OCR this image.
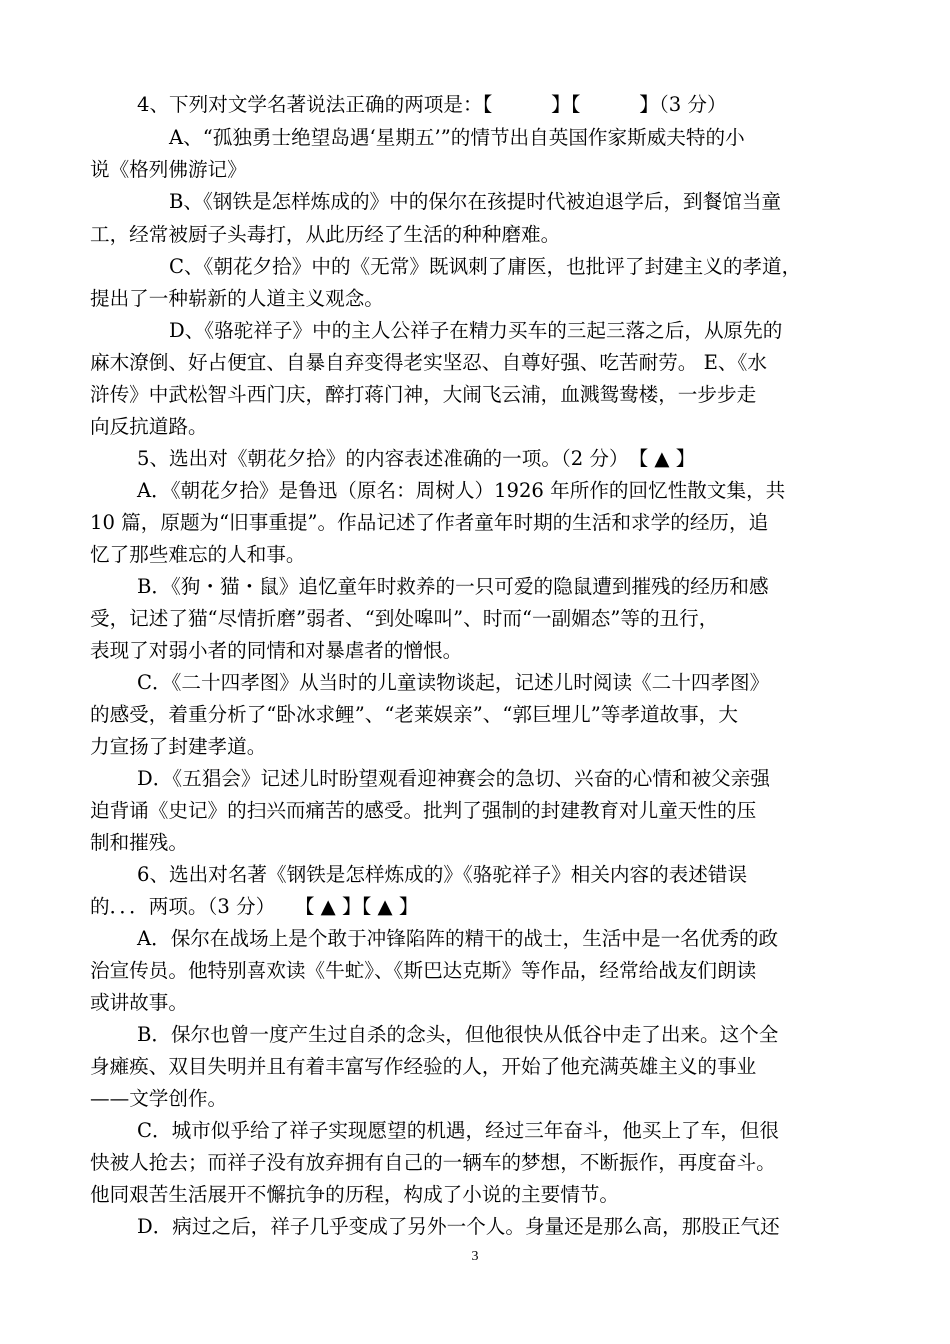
4、下列对文学名著说法正确的两项是：【　　　】【　　　】（3 分）
A、“孤独勇士绝望岛遇‘星期五’”的情节出自英国作家斯威夫特的小
说《格列佛游记》
B、《钢铁是怎样炼成的》中的保尔在孩提时代被迫退学后，到餐馆当童
工，经常被厨子头毒打，从此历经了生活的种种磨难。
C、《朝花夕拾》中的《无常》既讽刺了庸医，也批评了封建主义的孝道，
提出了一种崭新的人道主义观念。
D、《骆驼祥子》中的主人公祥子在精力买车的三起三落之后，从原先的
麻木潦倒、好占便宜、自暴自弃变得老实坚忍、自尊好强、吃苦耐劳。 E、《水
浒传》中武松智斗西门庆，醉打蒋门神，大闹飞云浦，血溅鸳鸯楼，一步步走
向反抗道路。
5、选出对《朝花夕拾》的内容表述准确的一项。（2 分）　【 ▲ 】
A．《朝花夕拾》是鲁迅（原名：周树人）1926 年所作的回忆性散文集，共
10 篇，原题为“旧事重提”。作品记述了作者童年时期的生活和求学的经历，追
忆了那些难忘的人和事。
B．《狗・猫・鼠》追忆童年时救养的一只可爱的隐鼠遭到摧残的经历和感
受，记述了猫“尽情折磨”弱者、“到处嗥叫”、时而“一副媚态”等的丑行，
表现了对弱小者的同情和对暴虐者的憎恨。
C．《二十四孝图》从当时的儿童读物谈起，记述儿时阅读《二十四孝图》
的感受，着重分析了“卧冰求鲤”、“老莱娱亲”、“郭巨埋儿”等孝道故事，大
力宣扬了封建孝道。
D．《五猖会》记述儿时盼望观看迎神赛会的急切、兴奋的心情和被父亲强
迫背诵《史记》的扫兴而痛苦的感受。批判了强制的封建教育对儿童天性的压
制和摧残。
6、选出对名著《钢铁是怎样炼成的》《骆驼祥子》相关内容的表述错误
的．．．两项。（3 分）　　【 ▲ 】【 ▲ 】
A．保尔在战场上是个敢于冲锋陷阵的精干的战士，生活中是一名优秀的政
治宣传员。他特别喜欢读《牛虻》、《斯巴达克斯》等作品，经常给战友们朗读
或讲故事。
B．保尔也曾一度产生过自杀的念头，但他很快从低谷中走了出来。这个全
身瘫痪、双目失明并且有着丰富写作经验的人，开始了他充满英雄主义的事业
——文学创作。
C．城市似乎给了祥子实现愿望的机遇，经过三年奋斗，他买上了车，但很
快被人抢去；而祥子没有放弃拥有自己的一辆车的梦想，不断振作，再度奋斗。
他同艰苦生活展开不懈抗争的历程，构成了小说的主要情节。
D．病过之后，祥子几乎变成了另外一个人。身量还是那么高，那股正气还
3
